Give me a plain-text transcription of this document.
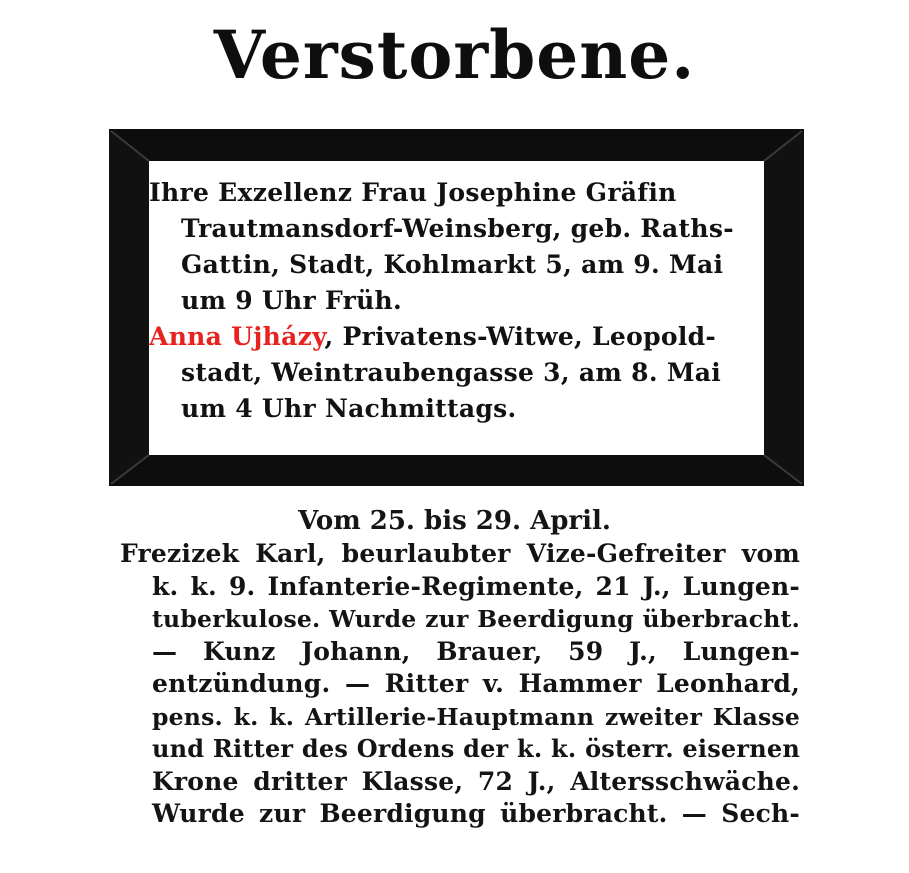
Verstorbene.
Ihre Exzellenz Frau Josephine Gräfin
Trautmansdorf-Weinsberg, geb. Raths-
Gattin, Stadt, Kohlmarkt 5, am 9. Mai
um 9 Uhr Früh.
Anna Ujházy, Privatens-Witwe, Leopold-
stadt, Weintraubengasse 3, am 8. Mai
um 4 Uhr Nachmittags.
Vom 25. bis 29. April.
Frezizek Karl, beurlaubter Vize-Gefreiter vom
k. k. 9. Infanterie-Regimente, 21 J., Lungen-
tuberkulose. Wurde zur Beerdigung überbracht.
— Kunz Johann, Brauer, 59 J., Lungen-
entzündung. — Ritter v. Hammer Leonhard,
pens. k. k. Artillerie-Hauptmann zweiter Klasse
und Ritter des Ordens der k. k. österr. eisernen
Krone dritter Klasse, 72 J., Altersschwäche.
Wurde zur Beerdigung überbracht. — Sech-
